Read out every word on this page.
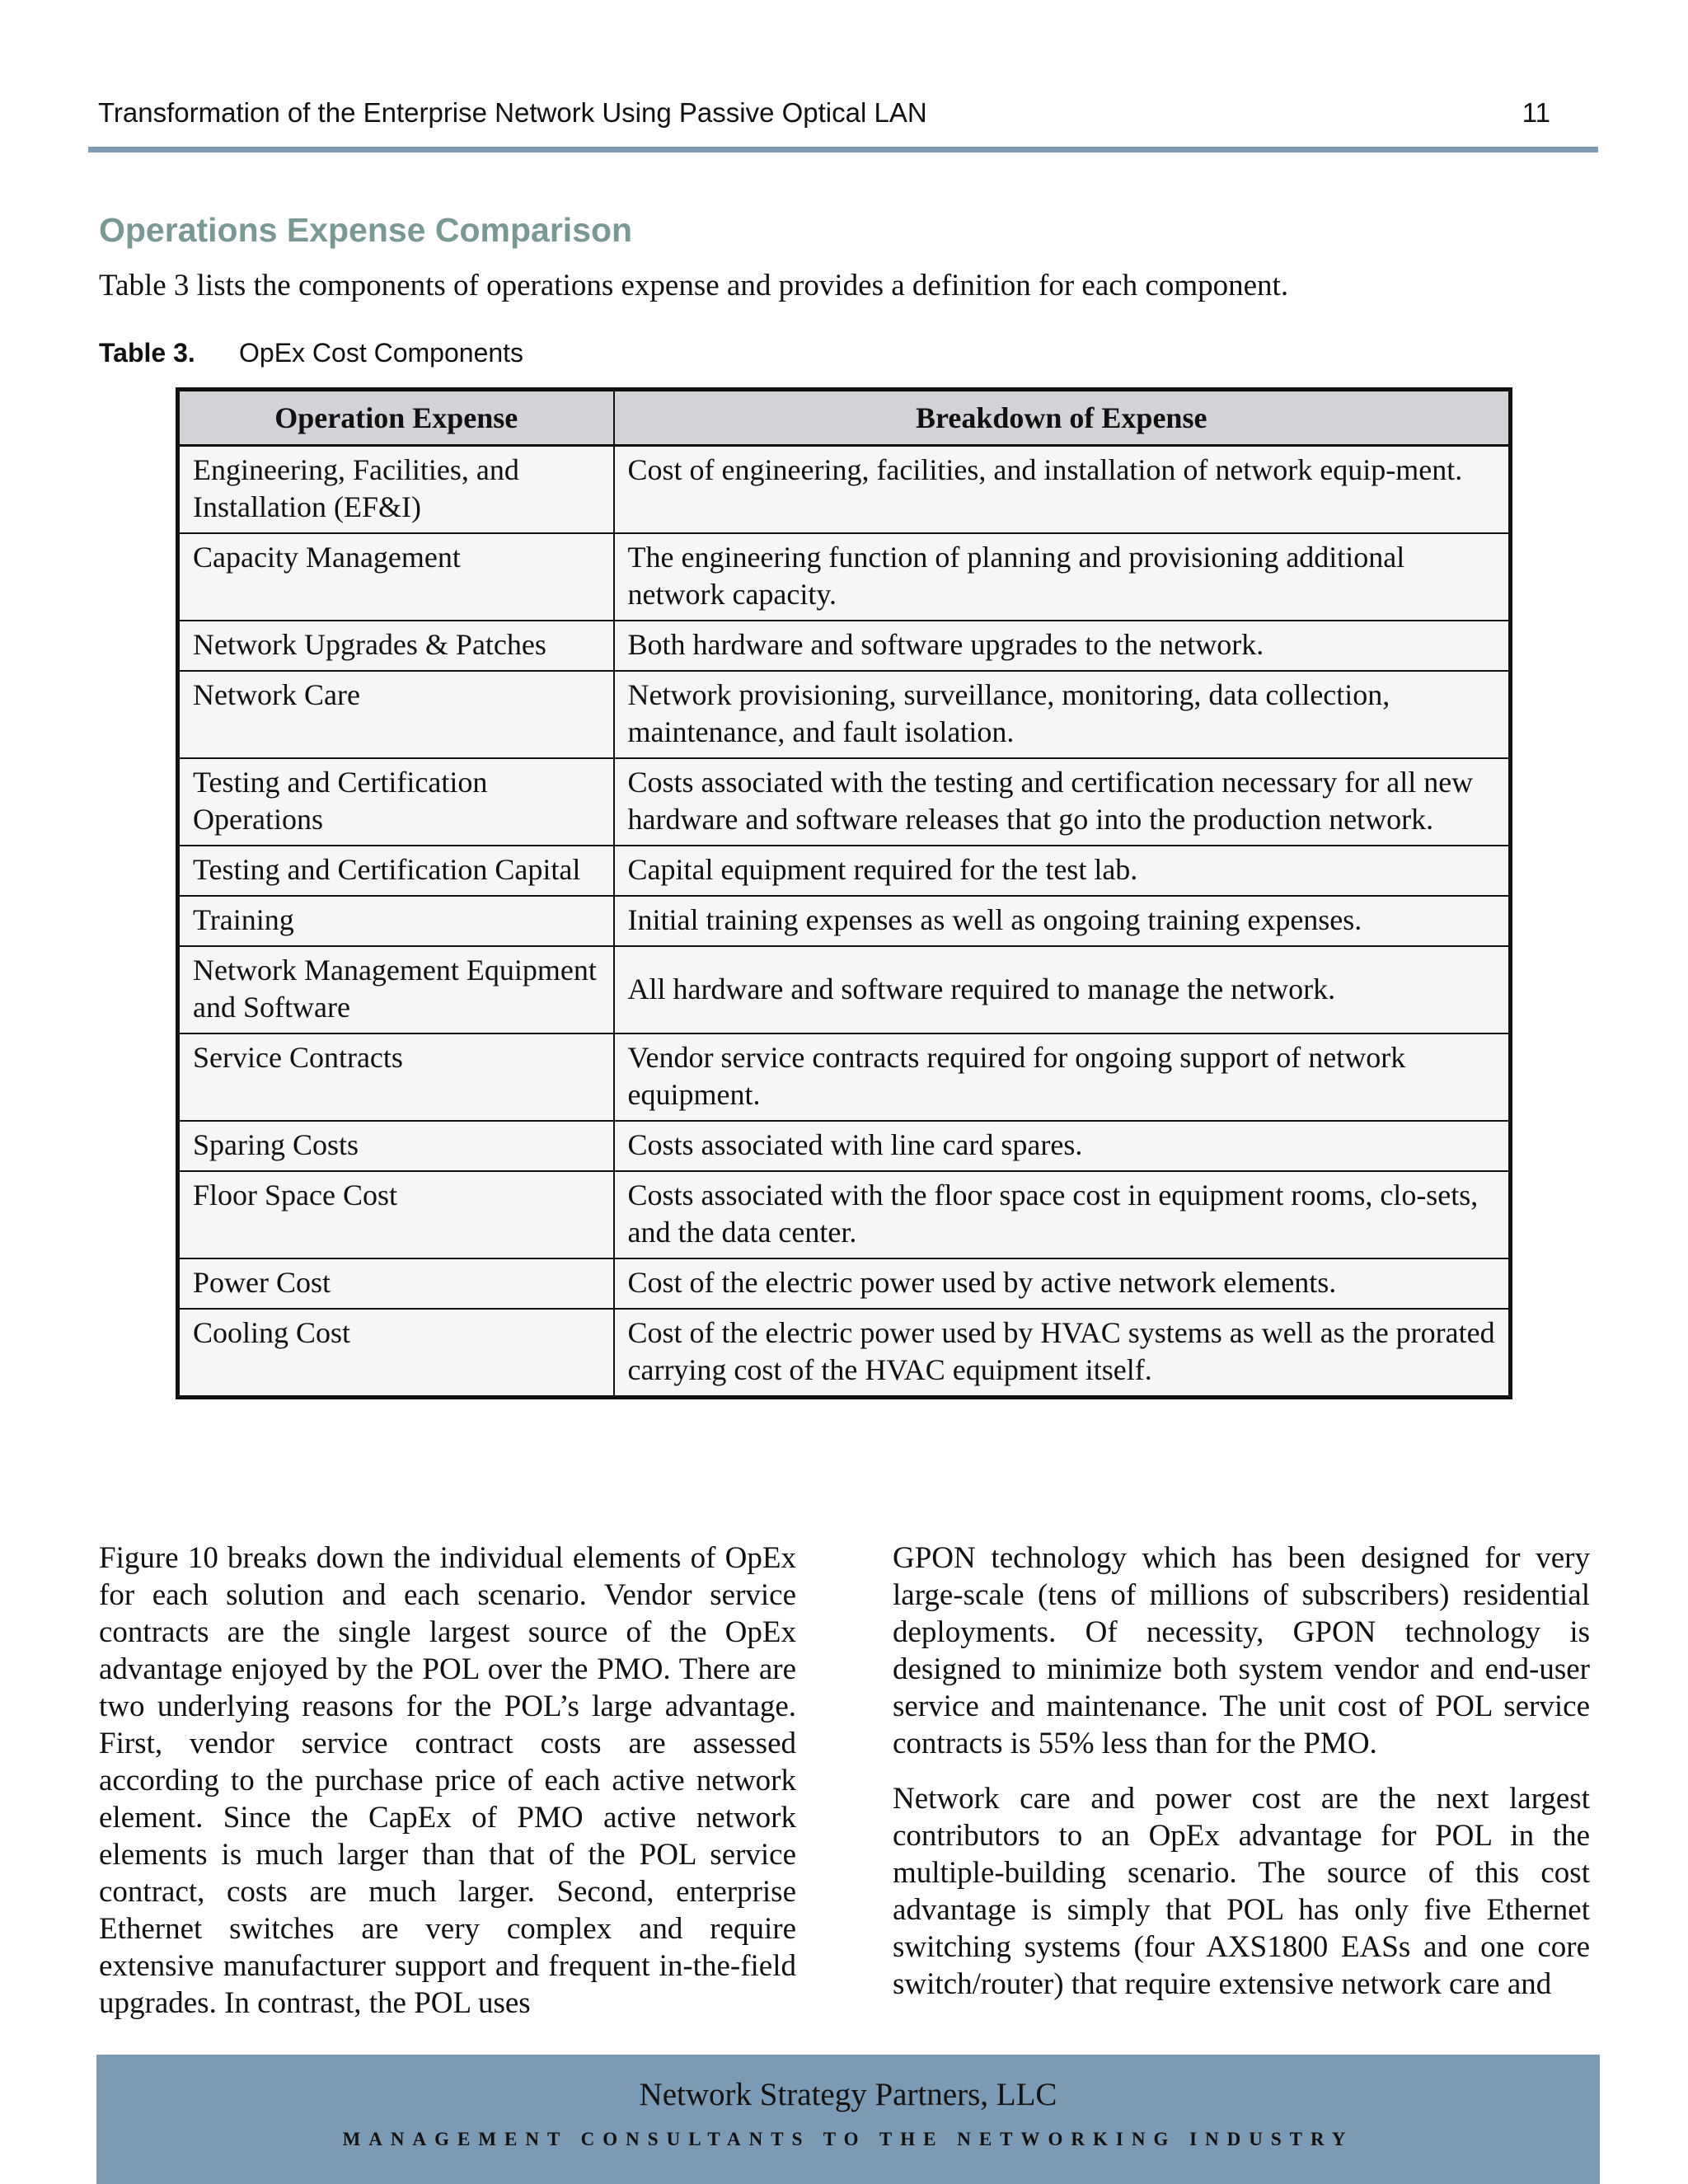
Transformation of the Enterprise Network Using Passive Optical LAN	11
Operations Expense Comparison
Table 3 lists the components of operations expense and provides a definition for each component.
Table 3. OpEx Cost Components
Operation Expense	Breakdown of Expense
Engineering, Facilities, and Installation (EF&I)	Cost of engineering, facilities, and installation of network equip-ment.
Capacity Management	The engineering function of planning and provisioning additional network capacity.
Network Upgrades & Patches	Both hardware and software upgrades to the network.
Network Care	Network provisioning, surveillance, monitoring, data collection, maintenance, and fault isolation.
Testing and Certification Operations	Costs associated with the testing and certification necessary for all new hardware and software releases that go into the production network.
Testing and Certification Capital	Capital equipment required for the test lab.
Training	Initial training expenses as well as ongoing training expenses.
Network Management Equipment and Software	All hardware and software required to manage the network.
Service Contracts	Vendor service contracts required for ongoing support of network equipment.
Sparing Costs	Costs associated with line card spares.
Floor Space Cost	Costs associated with the floor space cost in equipment rooms, clo-sets, and the data center.
Power Cost	Cost of the electric power used by active network elements.
Cooling Cost	Cost of the electric power used by HVAC systems as well as the prorated carrying cost of the HVAC equipment itself.

Figure 10 breaks down the individual elements of OpEx for each solution and each scenario. Vendor service contracts are the single largest source of the OpEx advantage enjoyed by the POL over the PMO. There are two underlying reasons for the POL’s large advantage. First, vendor service contract costs are assessed according to the purchase price of each active network element. Since the CapEx of PMO active network elements is much larger than that of the POL service contract, costs are much larger. Second, enterprise Ethernet switches are very complex and require extensive manufacturer support and frequent in-the-field upgrades. In contrast, the POL uses

GPON technology which has been designed for very large-scale (tens of millions of subscribers) residential deployments. Of necessity, GPON technology is designed to minimize both system vendor and end-user service and maintenance. The unit cost of POL service contracts is 55% less than for the PMO.

Network care and power cost are the next largest contributors to an OpEx advantage for POL in the multiple-building scenario. The source of this cost advantage is simply that POL has only five Ethernet switching systems (four AXS1800 EASs and one core switch/router) that require extensive network care and

Network Strategy Partners, LLC
MANAGEMENT CONSULTANTS TO THE NETWORKING INDUSTRY
